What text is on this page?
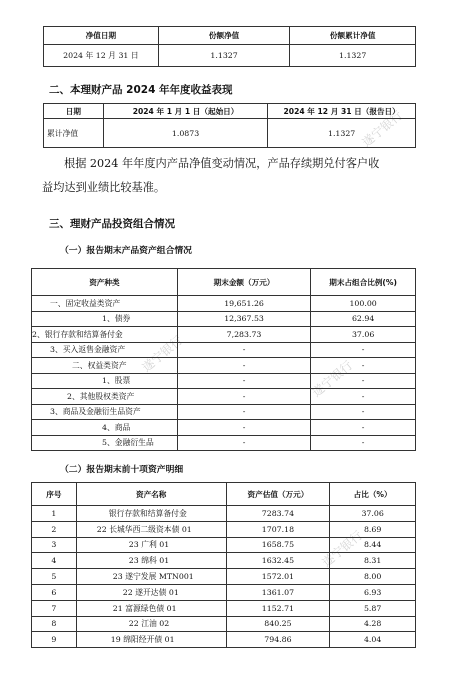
遂宁银行
遂宁银行
遂宁银行
遂宁银行
净值日期	份额净值	份额累计净值
2024 年 12 月 31 日	1.1327	1.1327
二、本理财产品 2024 年年度收益表现
日期	2024 年 1 月 1 日（起始日）	2024 年 12 月 31 日（报告日）
累计净值	1.0873	1.1327
根据 2024 年年度内产品净值变动情况，产品存续期兑付客户收
益均达到业绩比较基准。
三、理财产品投资组合情况
（一）报告期末产品资产组合情况
资产种类	期末金额（万元）	期末占组合比例(%)
一、固定收益类资产	19,651.26	100.00
1、债券	12,367.53	62.94
2、银行存款和结算备付金	7,283.73	37.06
3、买入返售金融资产	-	-
二、权益类资产	-	-
1、股票	-	-
2、其他股权类资产	-	-
3、商品及金融衍生品资产	-	-
4、商品	-	-
5、金融衍生品	-	-
（二）报告期末前十项资产明细
序号	资产名称	资产估值（万元）	占比（%）
1	银行存款和结算备付金	7283.74	37.06
2	22 长城华西二级资本债 01	1707.18	8.69
3	23 广利 01	1658.75	8.44
4	23 绵科 01	1632.45	8.31
5	23 遂宁发展 MTN001	1572.01	8.00
6	22 遂开达债 01	1361.07	6.93
7	21 富源绿色债 01	1152.71	5.87
8	22 江油 02	840.25	4.28
9	19 绵阳经开债 01	794.86	4.04
